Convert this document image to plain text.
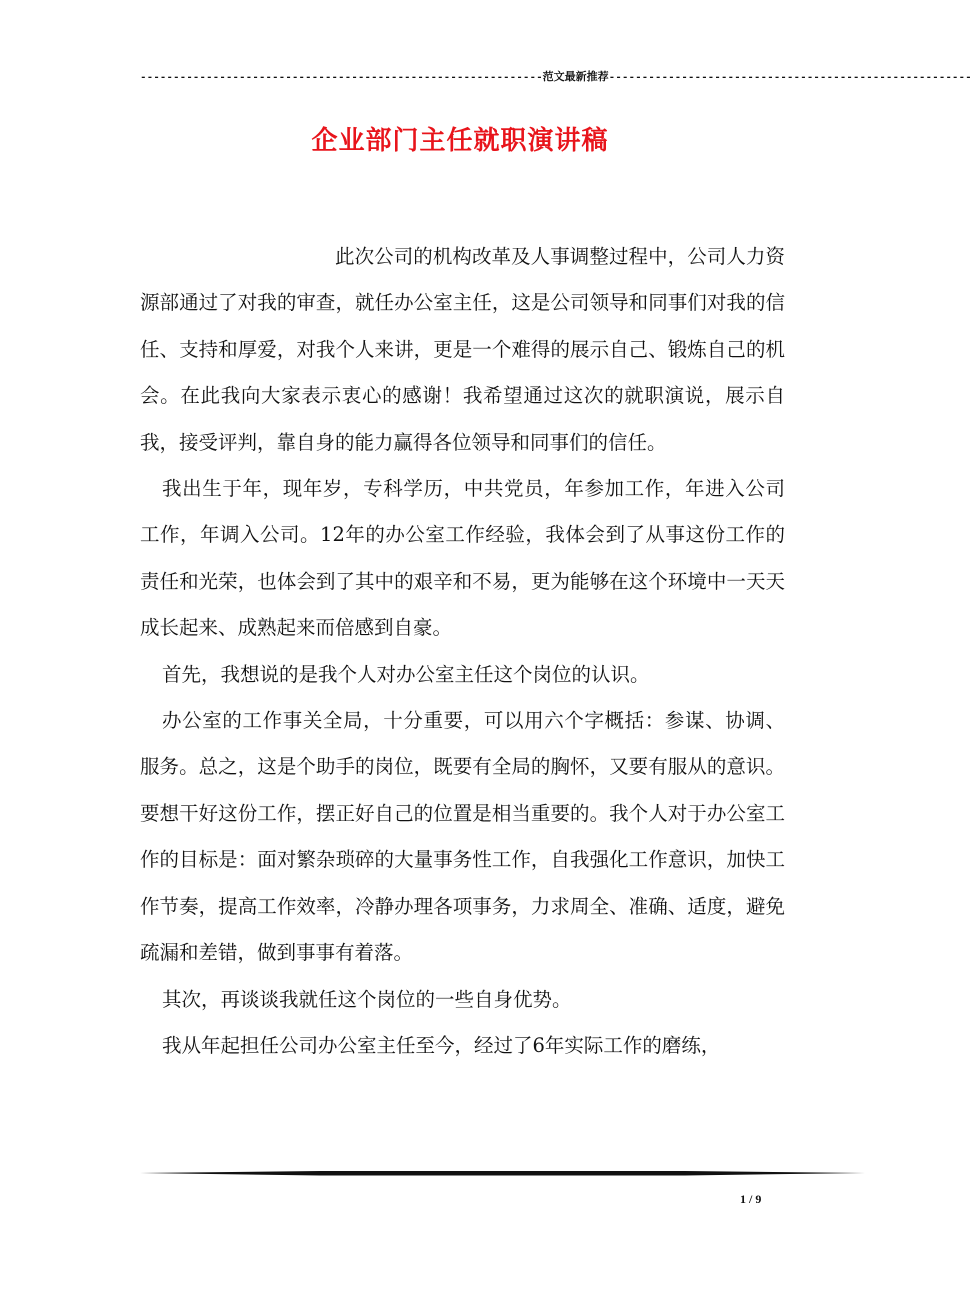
-------------------------------------------------------------范文最新推荐-------------------------------------------------------
企业部门主任就职演讲稿

此次公司的机构改革及人事调整过程中，公司人力资源部通过了对我的审查，就任办公室主任，这是公司领导和同事们对我的信任、支持和厚爱，对我个人来讲，更是一个难得的展示自己、锻炼自己的机会。在此我向大家表示衷心的感谢！我希望通过这次的就职演说，展示自我，接受评判，靠自身的能力赢得各位领导和同事们的信任。

我出生于年，现年岁，专科学历，中共党员，年参加工作，年进入公司工作，年调入公司。12年的办公室工作经验，我体会到了从事这份工作的责任和光荣，也体会到了其中的艰辛和不易，更为能够在这个环境中一天天成长起来、成熟起来而倍感到自豪。

首先，我想说的是我个人对办公室主任这个岗位的认识。

办公室的工作事关全局，十分重要，可以用六个字概括：参谋、协调、服务。总之，这是个助手的岗位，既要有全局的胸怀，又要有服从的意识。要想干好这份工作，摆正好自己的位置是相当重要的。我个人对于办公室工作的目标是：面对繁杂琐碎的大量事务性工作，自我强化工作意识，加快工作节奏，提高工作效率，冷静办理各项事务，力求周全、准确、适度，避免疏漏和差错，做到事事有着落。

其次，再谈谈我就任这个岗位的一些自身优势。

我从年起担任公司办公室主任至今，经过了6年实际工作的磨练，

1 / 9
